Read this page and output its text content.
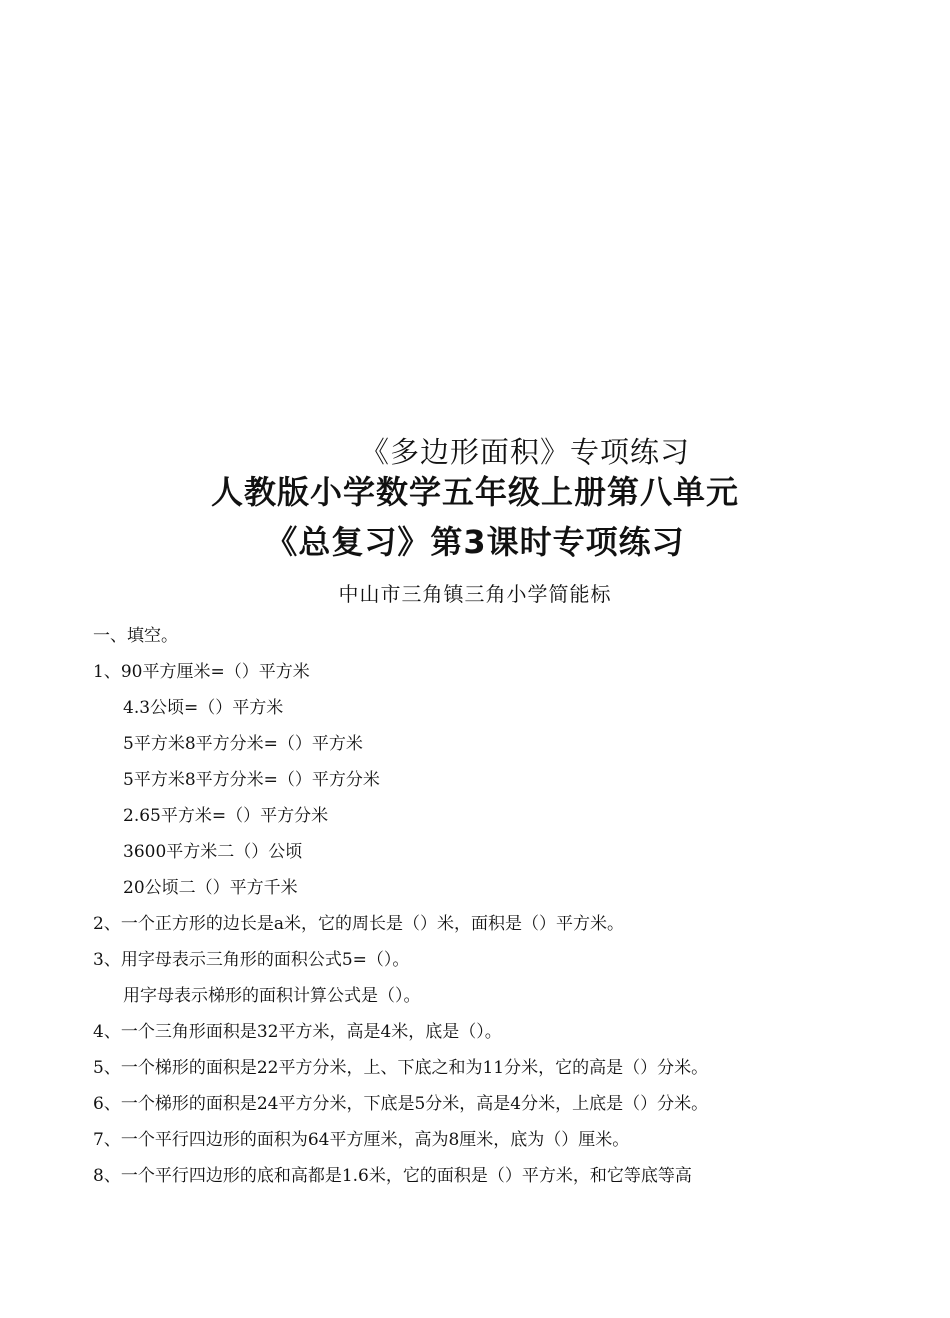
《多边形面积》专项练习
人教版小学数学五年级上册第八单元
《总复习》第3课时专项练习
中山市三角镇三角小学简能标
一、填空。
1、90平方厘米=（）平方米
4.3公顷=（）平方米
5平方米8平方分米=（）平方米
5平方米8平方分米=（）平方分米
2.65平方米=（）平方分米
3600平方米二（）公顷
20公顷二（）平方千米
2、一个正方形的边长是a米，它的周长是（）米，面积是（）平方米。
3、用字母表示三角形的面积公式5=（）。
用字母表示梯形的面积计算公式是（）。
4、一个三角形面积是32平方米，高是4米，底是（）。
5、一个梯形的面积是22平方分米，上、下底之和为11分米，它的高是（）分米。
6、一个梯形的面积是24平方分米，下底是5分米，高是4分米，上底是（）分米。
7、一个平行四边形的面积为64平方厘米，高为8厘米，底为（）厘米。
8、一个平行四边形的底和高都是1.6米，它的面积是（）平方米，和它等底等高
